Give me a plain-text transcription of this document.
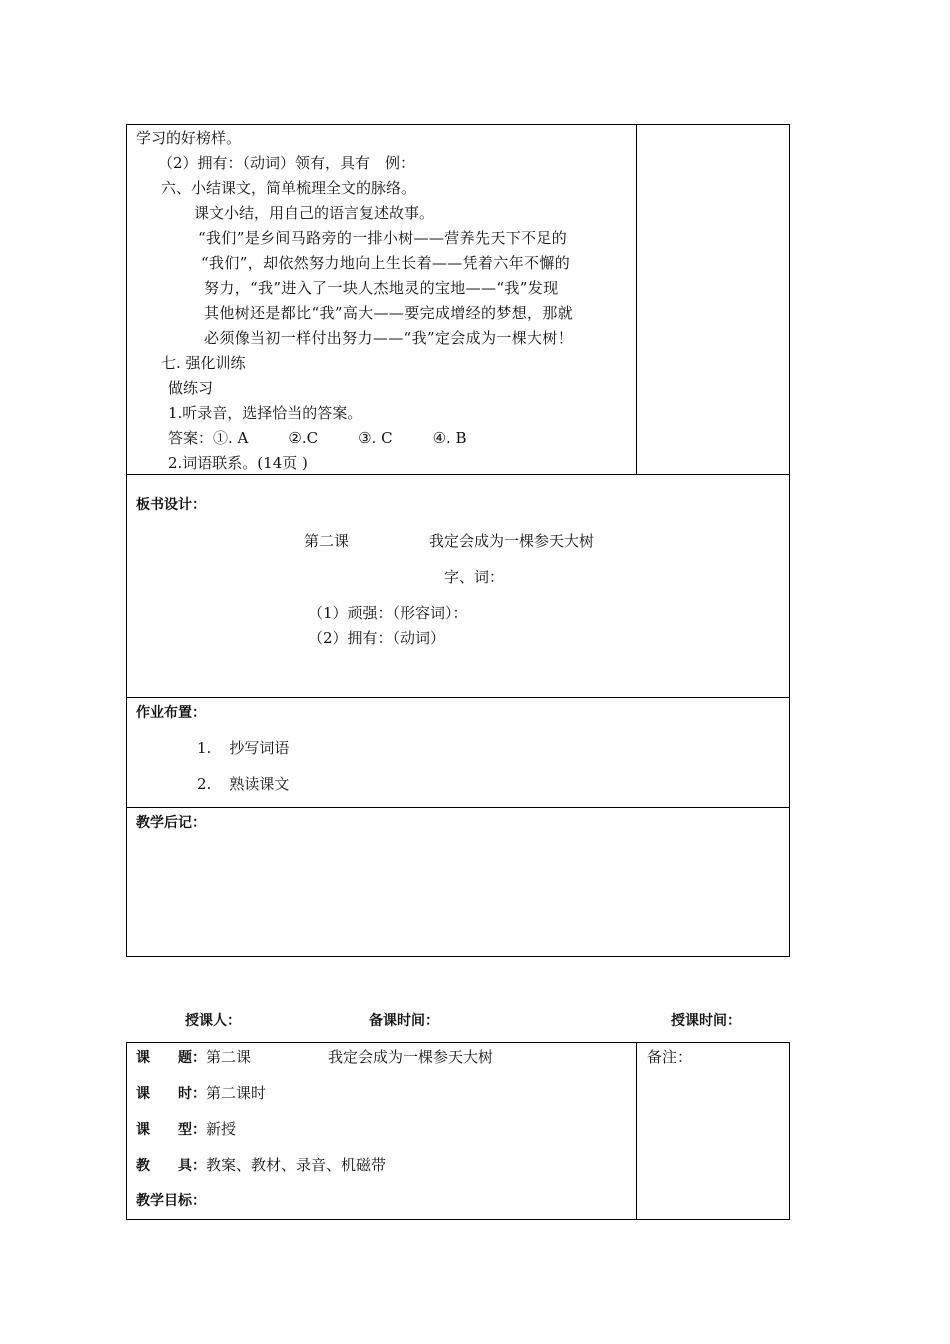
学习的好榜样。
（2）拥有：（动词）领有，具有　例：
六、小结课文，简单梳理全文的脉络。
课文小结，用自己的语言复述故事。
“我们”是乡间马路旁的一排小树——营养先天下不足的
“我们”，却依然努力地向上生长着——凭着六年不懈的
努力，“我”进入了一块人杰地灵的宝地——“我”发现
其他树还是都比“我”高大——要完成增经的梦想，那就
必须像当初一样付出努力——“我”定会成为一棵大树！
七. 强化训练
做练习
1.听录音，选择恰当的答案。
答案：①. A	②.C	③. C	④. B
2.词语联系。(14页 )
板书设计：
第二课	我定会成为一棵参天大树
字、词：
（1）顽强：（形容词）：
（2）拥有：（动词）
作业布置：
1. 抄写词语
2. 熟读课文
教学后记：
授课人：	备课时间：	授课时间：
课　　题：第二课	我定会成为一棵参天大树
课　　时：第二课时
课　　型：新授
教　　具：教案、教材、录音、机磁带
教学目标：
备注：
